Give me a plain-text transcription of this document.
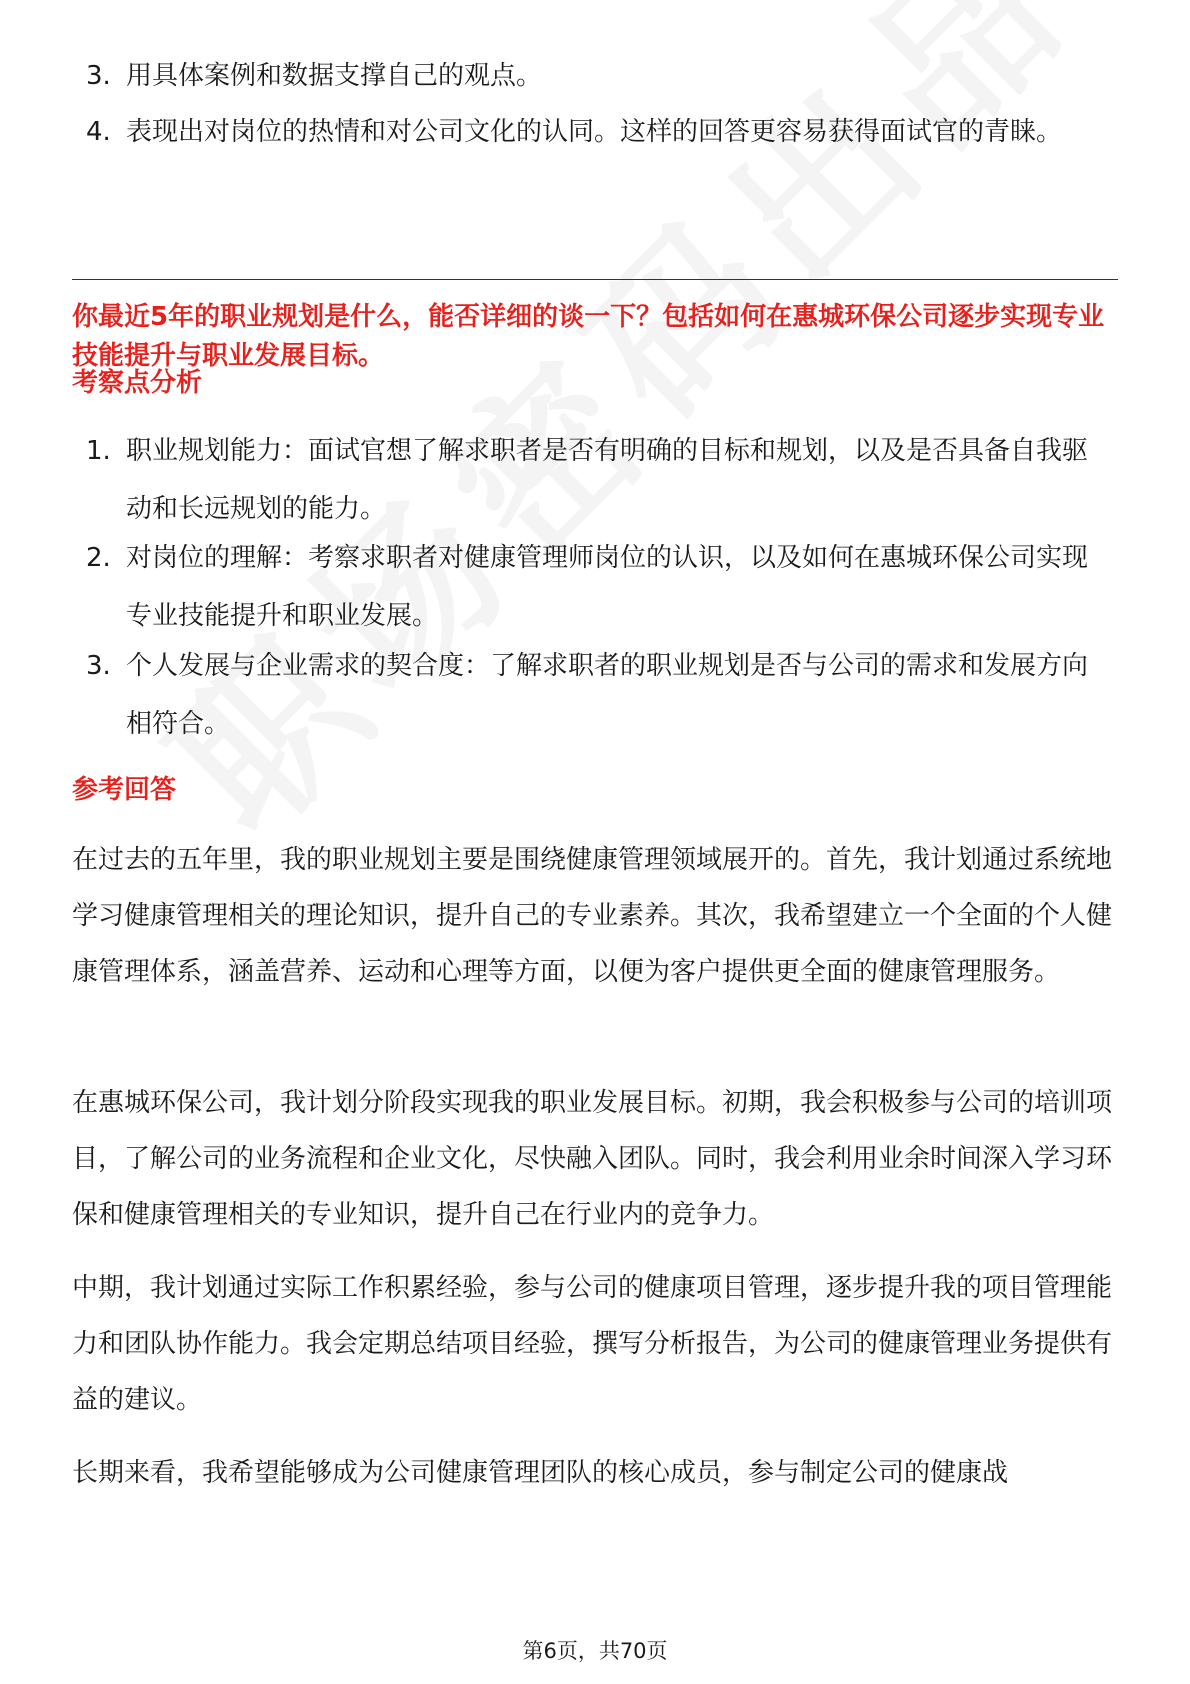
3. 用具体案例和数据支撑自己的观点。
4. 表现出对岗位的热情和对公司文化的认同。这样的回答更容易获得面试官的青睐。
你最近5年的职业规划是什么，能否详细的谈一下？包括如何在惠城环保公司逐步实现专业技能提升与职业发展目标。
考察点分析
1. 职业规划能力：面试官想了解求职者是否有明确的目标和规划，以及是否具备自我驱动和长远规划的能力。
2. 对岗位的理解：考察求职者对健康管理师岗位的认识，以及如何在惠城环保公司实现专业技能提升和职业发展。
3. 个人发展与企业需求的契合度：了解求职者的职业规划是否与公司的需求和发展方向相符合。
参考回答
在过去的五年里，我的职业规划主要是围绕健康管理领域展开的。首先，我计划通过系统地学习健康管理相关的理论知识，提升自己的专业素养。其次，我希望建立一个全面的个人健康管理体系，涵盖营养、运动和心理等方面，以便为客户提供更全面的健康管理服务。
在惠城环保公司，我计划分阶段实现我的职业发展目标。初期，我会积极参与公司的培训项目，了解公司的业务流程和企业文化，尽快融入团队。同时，我会利用业余时间深入学习环保和健康管理相关的专业知识，提升自己在行业内的竞争力。
中期，我计划通过实际工作积累经验，参与公司的健康项目管理，逐步提升我的项目管理能力和团队协作能力。我会定期总结项目经验，撰写分析报告，为公司的健康管理业务提供有益的建议。
长期来看，我希望能够成为公司健康管理团队的核心成员，参与制定公司的健康战
第6页，共70页
